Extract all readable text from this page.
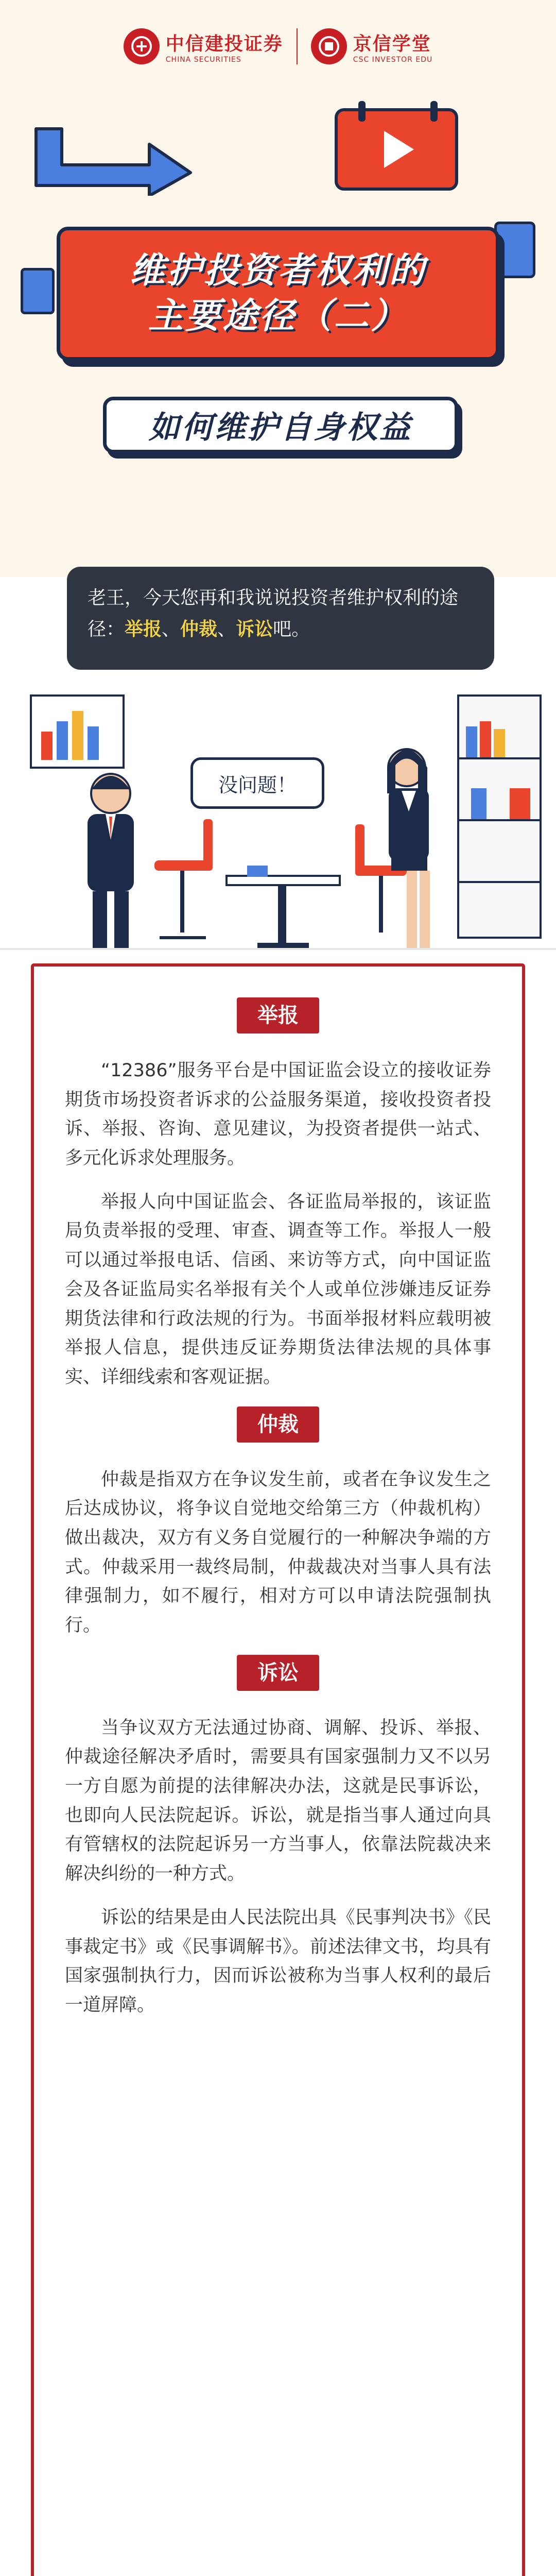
中信建投证券
CHINA SECURITIES
京信学堂
CSC INVESTOR EDU
维护投资者权利的
主要途径（二）
如何维护自身权益
老王，今天您再和我说说投资者维护权利的途径：举报、仲裁、诉讼吧。
没问题！
举报

“12386”服务平台是中国证监会设立的接收证券期货市场投资者诉求的公益服务渠道，接收投资者投诉、举报、咨询、意见建议，为投资者提供一站式、多元化诉求处理服务。

举报人向中国证监会、各证监局举报的，该证监局负责举报的受理、审查、调查等工作。举报人一般可以通过举报电话、信函、来访等方式，向中国证监会及各证监局实名举报有关个人或单位涉嫌违反证券期货法律和行政法规的行为。书面举报材料应载明被举报人信息，提供违反证券期货法律法规的具体事实、详细线索和客观证据。

仲裁

仲裁是指双方在争议发生前，或者在争议发生之后达成协议，将争议自觉地交给第三方（仲裁机构）做出裁决，双方有义务自觉履行的一种解决争端的方式。仲裁采用一裁终局制，仲裁裁决对当事人具有法律强制力，如不履行，相对方可以申请法院强制执行。

诉讼

当争议双方无法通过协商、调解、投诉、举报、仲裁途径解决矛盾时，需要具有国家强制力又不以另一方自愿为前提的法律解决办法，这就是民事诉讼，也即向人民法院起诉。诉讼，就是指当事人通过向具有管辖权的法院起诉另一方当事人，依靠法院裁决来解决纠纷的一种方式。

诉讼的结果是由人民法院出具《民事判决书》《民事裁定书》或《民事调解书》。前述法律文书，均具有国家强制执行力，因而诉讼被称为当事人权利的最后一道屏障。
